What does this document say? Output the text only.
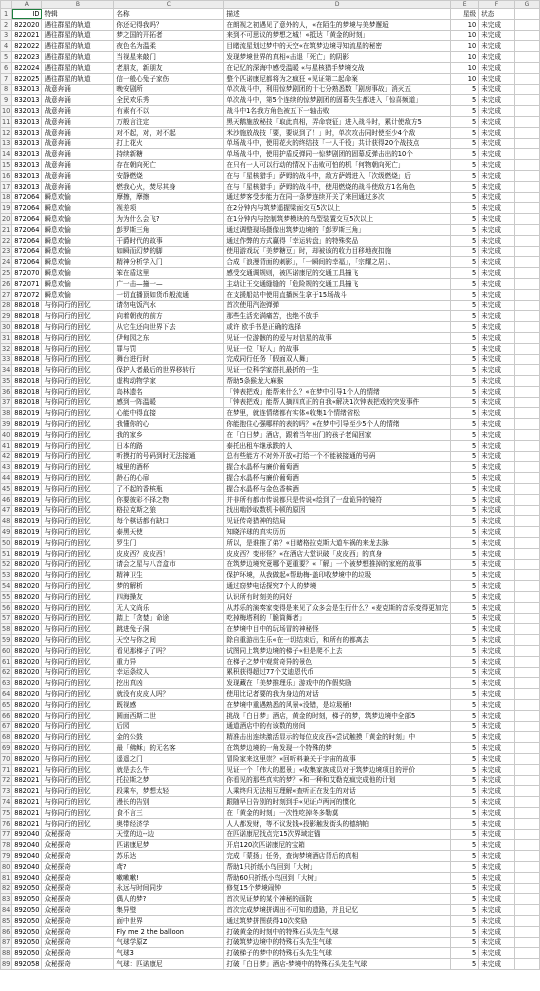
	A	B	C	D	E	F	G
1	ID	特辑	名称	描述	星级	状态	
2	822020	遇往群星的轨道	你还记得我吗？	在朗视之初遇见了意外的人，«在陌生的梦境与美梦邂逅	10	未完成	
3	822021	遇往群星的轨道	梦之国的开拓者	来到不可思议的梦想之城！«抵达「黄金的时刻」	10	未完成	
4	822022	遇往群星的轨道	夜色名为温柔	目睹流星划过梦中的天空«在筑梦边境寻知流星的秘密	10	未完成	
5	822023	遇往群星的轨道	当视星来敲门	发现梦境世界的真相«击退「死亡」的阴影	10	未完成	
6	822024	遇往群星的轨道	老朋友，新朋友	在记忆的深海中感受温暖 «与星核猎手梦境交战	10	未完成	
7	822025	遇往群星的轨道	信一般心兔子家伤	整个匹诺康尼都将为之疯狂 «见证第二起命案	10	未完成	
8	832013	战意奔涌	晚安剧所	单次战斗中，利用惊梦剧团的十七分熟悉数「剧房事故」消灭五	5	未完成	
9	832013	战意奔涌	全民欢乐秀	单次战斗中，第5个连续的惊梦剧团的固幕失生都进入「惊喜频道」	5	未完成	
10	832013	战意奔涌	有素有不以	战斗中1名我方角色被五下一轴击败	5	未完成	
11	832013	战意奔涌	万般言注定	黑天鹅施放秘技「取此真相，弄命衰征」进入战斗时，累计使敌方5	5	未完成	
12	832013	战意奔涌	对不起，对，对不起	米沙施放战技「要，要说到了！」时，单次攻击同时使至少4个敌	5	未完成	
13	832013	战意奔涌	打上花火	单场战斗中，使用花火的终结技「一人千役」共计获得20个战技点	5	未完成	
14	832013	战意奔涌	持续新糖	单场战斗中，使用护盾反弹同一惊梦剧团的固幕反弹击出的10个	5	未完成	
15	832013	战意奔涌	存在朝向死亡	在只有一人可以行动的情况下击败可怕的机「何物朝向死亡」	5	未完成	
16	832013	战意奔涌	安静燃烧	在与「星核猎手」萨姆的战斗中，敌方萨姆进入「次级燃烧」后	5	未完成	
17	832013	战意奔涌	燃我心火，焚尽其身	在与「星核猎手」萨姆的战斗中，使用燃烧的战斗使敌方1名角色	5	未完成	
18	872064	瞬息欢愉	摩擦，摩擦	通过梦客受步能力在同一条梦连续开关了来回通过多次	5	未完成	
19	872064	瞬息欢愉	视差项	在2分钟内与筑梦遥握梁面交互5次以上	5	未完成	
20	872064	瞬息欢愉	为为什么会飞?	在1分钟内与控制筑梦模块的鸟型装置交互5次以上	5	未完成	
21	872064	瞬息欢愉	彭罗斯三角	通过调整现场摄像出筑梦边境的「彭罗斯三角」	5	未完成	
22	872064	瞬息欢愉	干爵时代的故事	通过作弊的方式赢得「幸运转盘」的特殊奖品	5	未完成	
23	872064	瞬息欢愉	如瞬而幻梦的脚	使用游戏玩「美梦糖豆」时，却被该的收力目移地夜扣施	5	未完成	
24	872064	瞬息欢愉	精神分析学入门	合成「浪漫背面的刺影」，「一瞬间的幸福」，「宗耀之居」、	5	未完成	
25	872070	瞬息欢愉	笨在盾这里	感受交通调规则，被匹诺康尼的交通工具撞飞	5	未完成	
26	872071	瞬息欢愉	广一击—撞一—	主动让王交通缝缝的「危险规的交通工具撞飞	5	未完成	
27	872072	瞬息欢愉	一切直播顶如货币般流通	在支援船站中使用直播医生拿于15场战斗	5	未完成	
28	882018	与你同行的回忆	请勿电饭汽水	首次使用汽泡弹弹	5	未完成	
29	882018	与你同行的回忆	向着朝夜的前方	那些生活充满痛苦，也绝不放手	5	未完成	
30	882018	与你同行的回忆	从它生还向世界下去	或许 欧手书是正确的选择	5	未完成	
31	882018	与你同行的回忆	伊甸园之东	见证一位游骸的的爱与对信星的故事	5	未完成	
32	882018	与你同行的回忆	罪与罚	见证一位「好人」的故事	5	未完成	
33	882018	与你同行的回忆	舞台进行时	完成同行任务「假面双人舞」	5	未完成	
34	882018	与你同行的回忆	保护人者最后的世界移转行	见证一位科学家搭扎最折的一生	5	未完成	
35	882018	与你同行的回忆	虚构动物学家	帮助5条猴龙大麻猴	5	未完成	
36	882018	与你同行的回忆	岛林遗名	「钟表把戏」能帮来什么？«在梦中引导1个人的情绪	5	未完成	
37	882018	与你同行的回忆	感到一阵温暖	「钟表把戏」能帮人摘四真正的自我«解决1次钟表把戏的突发事件	5	未完成	
38	882019	与你同行的回忆	心能中得直接	在梦里，就连情绪都有实体«收集1个情绪省松	5	未完成	
39	882019	与你同行的回忆	我懂你的心	你能抱住心强哪样的表的吗？«在梦中引导至少5个人的情绪	5	未完成	
40	882019	与你同行的回忆	我的家乡	在「白日梦」酒店，跟着当年出门的孩子老闻回家	5	未完成	
41	882019	与你同行的回忆	日本的路	泰托出租车继承跌的人	5	未完成	
42	882019	与你同行的回忆	听摸打的号码到时无法接通	总有些能方不对外开放«打给一个不能被接通的号码	5	未完成	
43	882019	与你同行的回忆	城里的酒杯	握合水晶杯与廉价葡萄酒	5	未完成	
44	882019	与你同行的回忆	龄石的心扉	握合水晶杯与廉价葡萄酒	5	未完成	
45	882019	与你同行的回忆	了不起的香槟瓶	握合水晶杯与金色香槟酒	5	未完成	
46	882019	与你同行的回忆	你要彼彩不择之物	并非所有都市传说都只是传说«绘到了一盘诡异的镜符	5	未完成	
47	882019	与你同行的回忆	格拉克斯之狼	找出啮钞取数机卡顿的原因	5	未完成	
48	882019	与你同行的回忆	每个棋话都有缺口	见证传奇猎神的结局	5	未完成	
49	882019	与你同行的回忆	泰黑天使	知晓洋球的真实历历	5	未完成	
50	882019	与你同行的回忆	罗生门	所以，是谁推了弟？«目睹格拉克斯大道车祸的来龙去脉	5	未完成	
51	882019	与你同行的回忆	皮皮西？皮皮西！	皮皮西？变形怪？«在酒店大堂识破「皮皮西」的真身	5	未完成	
52	882020	与你同行的回忆	请会之星与八音盒市	在筑梦边境究竟哪个更重要？«「解」一个被梦想推掉的家庭的故事	5	未完成	
53	882020	与你同行的回忆	精神卫生	保护环境，从我做起«帮助梅-盖印收梦境中的垃圾	5	未完成	
54	882020	与你同行的回忆	梦的解析	通过窃梦电话探究7个人的梦境	5	未完成	
55	882020	与你同行的回忆	四海操友	认识所有时刻美的同好	5	未完成	
56	882020	与你同行的回忆	无人文尚乐	从苏乐的演奏家变得是来见了众多会是生行什么？«麦克斯的音乐变得更加完	5	未完成	
57	882020	与你同行的回忆	踏上「贪婪」命途	吃掉梅塔利的「脆筒舞者」	5	未完成	
58	882020	与你同行的回忆	跳进兔子洞	在梦境中目中的玩场冒的神秘怪	5	未完成	
59	882020	与你同行的回忆	天空与你之间	除自重游出生乐«在一切结束后，和所有的都离去	5	未完成	
60	882020	与你同行的回忆	看见那梯子了吗？	试图同上筑梦边境的梯子«但是爬不上去	5	未完成	
61	882020	与你同行的回忆	重力异	在梯子之梦中观赏奇异的景色	5	未完成	
62	882020	与你同行的回忆	幸运条纹人	累积获得超过77个艾迪恩代币	5	未完成	
63	882020	与你同行的回忆	挖出真凶	发现藏在「美梦推理乐」游戏中的作假奖励	5	未完成	
64	882020	与你同行的回忆	就没有皮皮人吗？	使用比记者要的我为身边的对话	5	未完成	
65	882020	与你同行的回忆	既视感	在梦境中重遇熟悉的风景«没错，是垃圾桶!	5	未完成	
66	882020	与你同行的回忆	圆面西斯二世	挑战「白日梦」酒店，黄金的时刻，梯子的梦，筑梦边境中全部5	5	未完成	
67	882020	与你同行的回忆	后园	通道酒店中的有该数的房间	5	未完成	
68	882020	与你同行的回忆	金的公鼓	精准击出连续激活显示的每位皮皮西«尝试触摸「黄金的时刻」中	5	未完成	
69	882020	与你同行的回忆	最「佛稣」的无名客	在筑梦边境的一角发现一个特殊的梦	5	未完成	
70	882020	与你同行的回忆	遥遥之门	冒险家来这里崇？«回听料兼关于宇宙的故事	5	未完成	
71	882021	与你同行的回忆	就是去么牛	见证一个「伟大的愿景」«收集家族成员对于筑梦边境项目的评价	5	未完成	
72	882021	与你同行的回忆	托拉斯之梦	你看见的那些真实的梦？«和一种和艾勒克疯完成他的计划	5	未完成	
73	882021	与你同行的回忆	段乘车，梦想太轻	人乘终归无法相互理解«查听正在发生的对话	5	未完成	
74	882021	与你同行的回忆	漫长的告别	跟随早日告别的时刻到手«见证卢两河的惯化	5	未完成	
75	882021	与你同行的回忆	食不言三	在「黄金的时刻」一次性吃掉冬多勒莫	5	未完成	
76	882021	与你同行的回忆	奥带经济学	人人都发财，等不议发钱«投影触发街头的德纳帕	5	未完成	
77	892040	众秘探奇	天堂的边--边	在匹诺康尼找点完15次界域定锚	5	未完成	
78	892040	众秘探奇	匹诺康尼梦	开启120次匹诺康尼的宝箱	5	未完成	
79	892040	众秘探奇	苏乐达	完成「蒙扬」任务，查询梦境酒店背后的真相	5	未完成	
80	892040	众秘探奇	鸢?	帮助1只折纸小鸟回到「大树」	5	未完成	
81	892040	众秘探奇	嗽嗽嗽!	帮助60只折纸小鸟回到「大树」	5	未完成	
82	892050	众秘探奇	永远与时间同步	修复15个梦境闹钟	5	未完成	
83	892050	众秘探奇	偶人的梦?	首次见证梦的某个神秘的画院	5	未完成	
84	892050	众秘探奇	集异璧	首次完成梦境拼调出不可知的遗路，并且记忆	5	未完成	
85	892050	众秘探奇	面中世界	通过筑梦拼图获得10次奖励	5	未完成	
86	892050	众秘探奇	Fly me 2 the balloon	打破黄金的时刻中的特殊石头先生气球	5	未完成	
87	892050	众秘探奇	气球学原Z	打破筑梦边境中的特殊石头先生气球	5	未完成	
88	892050	众秘探奇	气球3	打破梯子的梦中的特殊石头先生气球	5	未完成	
89	892058	众秘探奇	气球：匹诺康尼	打破「白日梦」酒店-梦境中的特殊石头先生气球	5	未完成	
